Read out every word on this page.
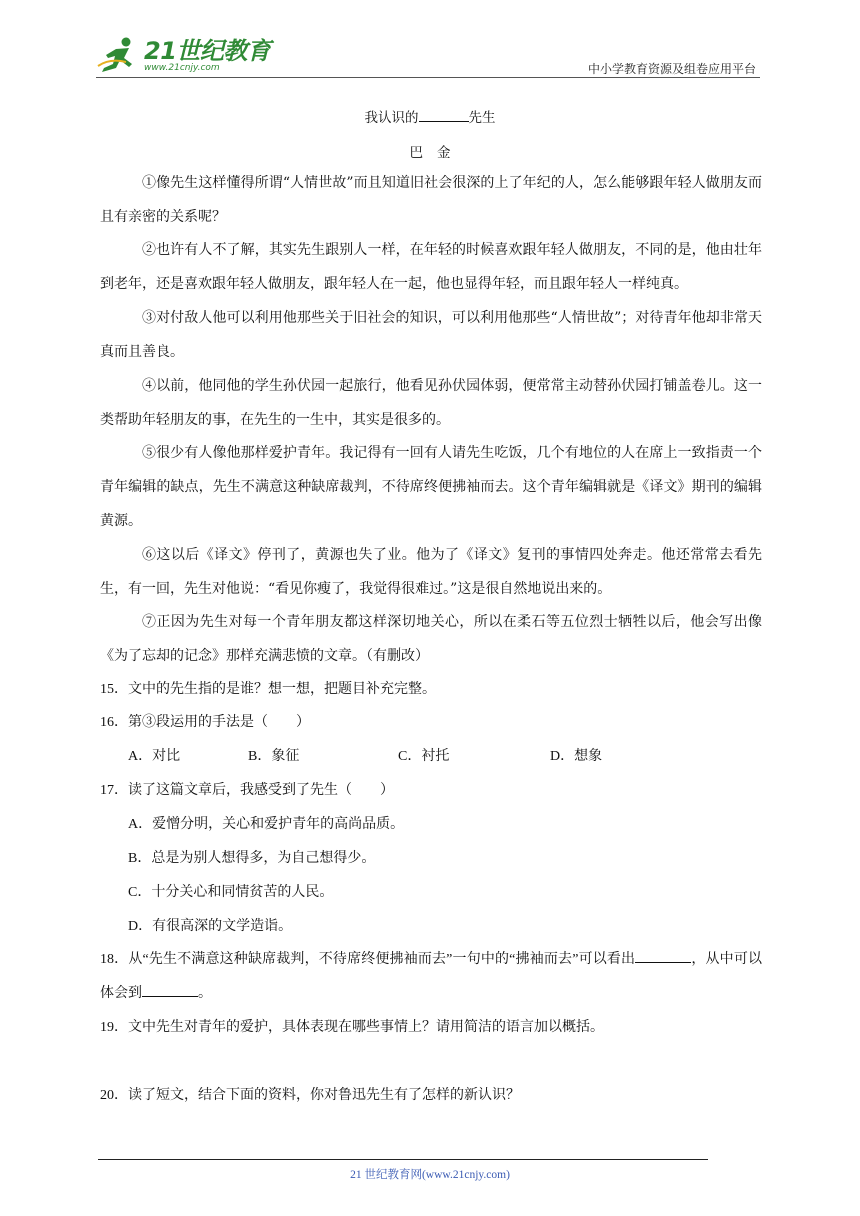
21世纪教育
www.21cnjy.com	中小学教育资源及组卷应用平台
我认识的	先生
巴金
①像先生这样懂得所谓“人情世故”而且知道旧社会很深的上了年纪的人，怎么能够跟年轻人做朋友而且有亲密的关系呢？
②也许有人不了解，其实先生跟别人一样，在年轻的时候喜欢跟年轻人做朋友，不同的是，他由壮年到老年，还是喜欢跟年轻人做朋友，跟年轻人在一起，他也显得年轻，而且跟年轻人一样纯真。
③对付敌人他可以利用他那些关于旧社会的知识，可以利用他那些“人情世故”；对待青年他却非常天真而且善良。
④以前，他同他的学生孙伏园一起旅行，他看见孙伏园体弱，便常常主动替孙伏园打铺盖卷儿。这一类帮助年轻朋友的事，在先生的一生中，其实是很多的。
⑤很少有人像他那样爱护青年。我记得有一回有人请先生吃饭，几个有地位的人在席上一致指责一个青年编辑的缺点，先生不满意这种缺席裁判，不待席终便拂袖而去。这个青年编辑就是《译文》期刊的编辑黄源。
⑥这以后《译文》停刊了，黄源也失了业。他为了《译文》复刊的事情四处奔走。他还常常去看先生，有一回，先生对他说：“看见你瘦了，我觉得很难过。”这是很自然地说出来的。
⑦正因为先生对每一个青年朋友都这样深切地关心，所以在柔石等五位烈士牺牲以后，他会写出像《为了忘却的记念》那样充满悲愤的文章。（有删改）
15．文中的先生指的是谁？想一想，把题目补充完整。
16．第③段运用的手法是（　　）
A．对比	B．象征	C．衬托	D．想象
17．读了这篇文章后，我感受到了先生（　　）
A．爱憎分明，关心和爱护青年的高尚品质。
B．总是为别人想得多，为自己想得少。
C．十分关心和同情贫苦的人民。
D．有很高深的文学造诣。
18．从“先生不满意这种缺席裁判，不待席终便拂袖而去”一句中的“拂袖而去”可以看出	，从中可以体会到	。
19．文中先生对青年的爱护，具体表现在哪些事情上？请用简洁的语言加以概括。
20．读了短文，结合下面的资料，你对鲁迅先生有了怎样的新认识？
21 世纪教育网(www.21cnjy.com)
